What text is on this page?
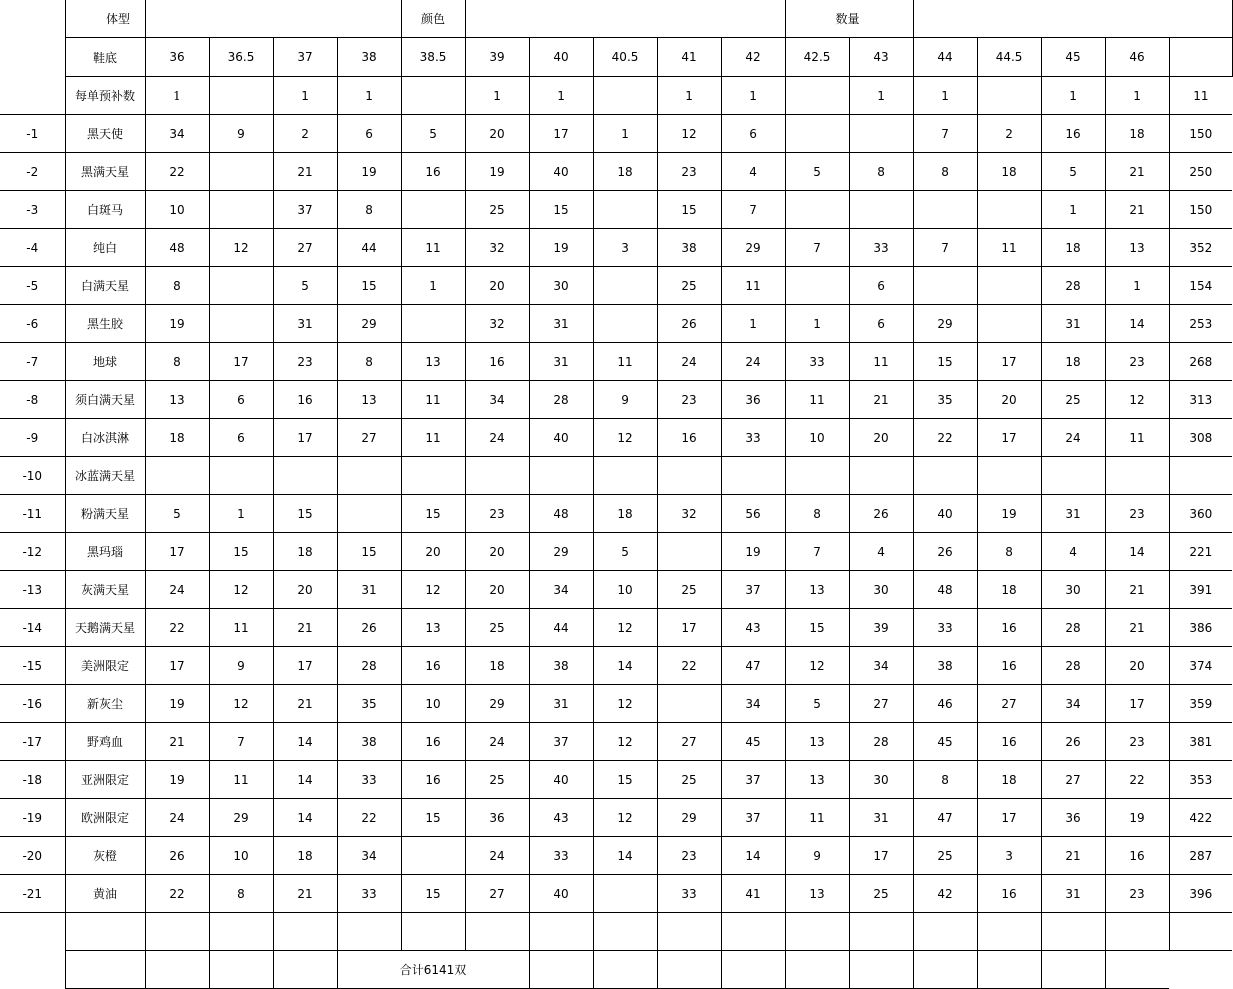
	体型					颜色						数量		
	鞋底	36	36.5	37	38	38.5	39	40	40.5	41	42	42.5	43	44	44.5	45	46		
	每单预补数	1		1	1		1	1		1	1		1	1		1	1	11	
-1	黑天使	34	9	2	6	5	20	17	1	12	6			7	2	16	18	150	
-2	黑满天星	22		21	19	16	19	40	18	23	4	5	8	8	18	5	21	250	
-3	白斑马	10		37	8		25	15		15	7					1	21	150	
-4	纯白	48	12	27	44	11	32	19	3	38	29	7	33	7	11	18	13	352	
-5	白满天星	8		5	15	1	20	30		25	11		6			28	1	154	
-6	黑生胶	19		31	29		32	31		26	1	1	6	29		31	14	253	
-7	地球	8	17	23	8	13	16	31	11	24	24	33	11	15	17	18	23	268	
-8	须白满天星	13	6	16	13	11	34	28	9	23	36	11	21	35	20	25	12	313	
-9	白冰淇淋	18	6	17	27	11	24	40	12	16	33	10	20	22	17	24	11	308	
-10	冰蓝满天星																		
-11	粉满天星	5	1	15		15	23	48	18	32	56	8	26	40	19	31	23	360	
-12	黑玛瑙	17	15	18	15	20	20	29	5		19	7	4	26	8	4	14	221	
-13	灰满天星	24	12	20	31	12	20	34	10	25	37	13	30	48	18	30	21	391	
-14	天鹅满天星	22	11	21	26	13	25	44	12	17	43	15	39	33	16	28	21	386	
-15	美洲限定	17	9	17	28	16	18	38	14	22	47	12	34	38	16	28	20	374	
-16	新灰尘	19	12	21	35	10	29	31	12		34	5	27	46	27	34	17	359	
-17	野鸡血	21	7	14	38	16	24	37	12	27	45	13	28	45	16	26	23	381	
-18	亚洲限定	19	11	14	33	16	25	40	15	25	37	13	30	8	18	27	22	353	
-19	欧洲限定	24	29	14	22	15	36	43	12	29	37	11	31	47	17	36	19	422	
-20	灰橙	26	10	18	34		24	33	14	23	14	9	17	25	3	21	16	287	
-21	黄油	22	8	21	33	15	27	40		33	41	13	25	42	16	31	23	396	

					合计6141双														
